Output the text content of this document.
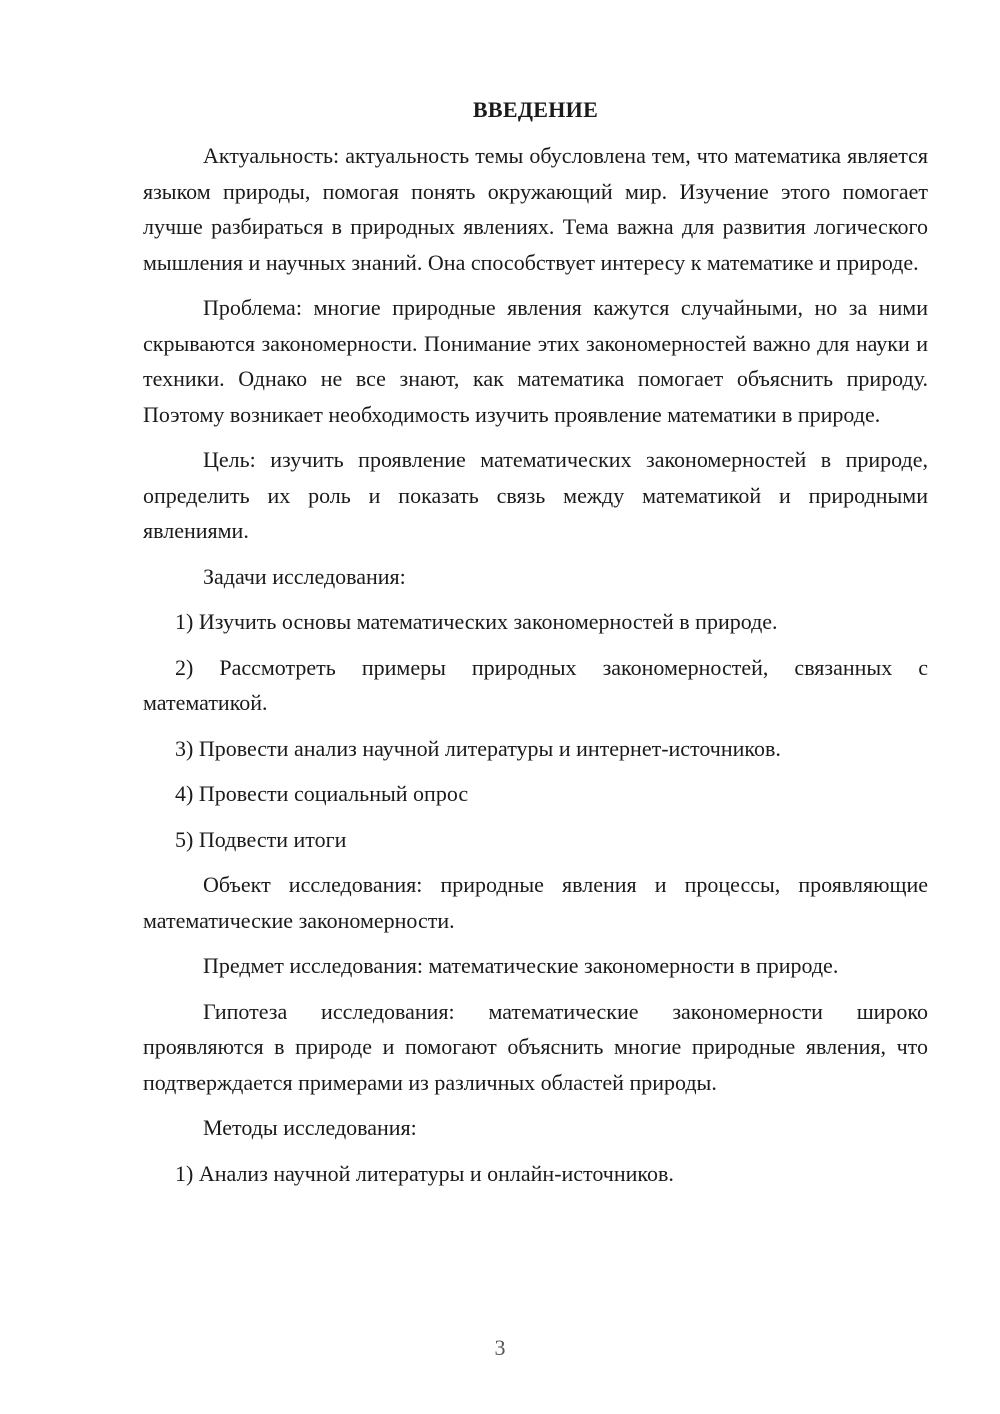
ВВЕДЕНИЕ

Актуальность: актуальность темы обусловлена тем, что математика является языком природы, помогая понять окружающий мир. Изучение этого помогает лучше разбираться в природных явлениях. Тема важна для развития логического мышления и научных знаний. Она способствует интересу к математике и природе.

Проблема: многие природные явления кажутся случайными, но за ними скрываются закономерности. Понимание этих закономерностей важно для науки и техники. Однако не все знают, как математика помогает объяснить природу. Поэтому возникает необходимость изучить проявление математики в природе.

Цель: изучить проявление математических закономерностей в природе, определить их роль и показать связь между математикой и природными явлениями.

Задачи исследования:

1) Изучить основы математических закономерностей в природе.

2) Рассмотреть примеры природных закономерностей, связанных с математикой.

3) Провести анализ научной литературы и интернет-источников.

4) Провести социальный опрос

5) Подвести итоги

Объект исследования: природные явления и процессы, проявляющие математические закономерности.

Предмет исследования: математические закономерности в природе.

Гипотеза исследования: математические закономерности широко проявляются в природе и помогают объяснить многие природные явления, что подтверждается примерами из различных областей природы.

Методы исследования:

1) Анализ научной литературы и онлайн-источников.

3
